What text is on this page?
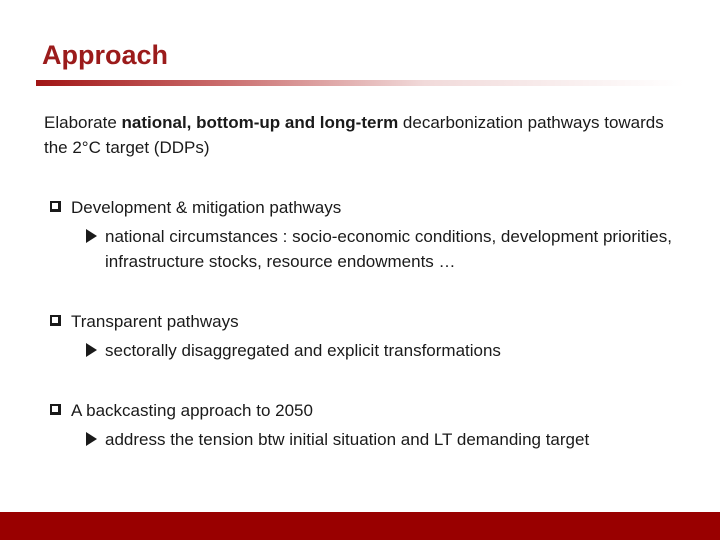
Approach

Elaborate national, bottom-up and long-term decarbonization pathways towards the 2°C target (DDPs)

Development & mitigation pathways
national circumstances : socio-economic conditions, development priorities, infrastructure stocks, resource endowments …
Transparent pathways
sectorally disaggregated and explicit transformations
A backcasting approach to 2050
address the tension btw initial situation and LT demanding target
